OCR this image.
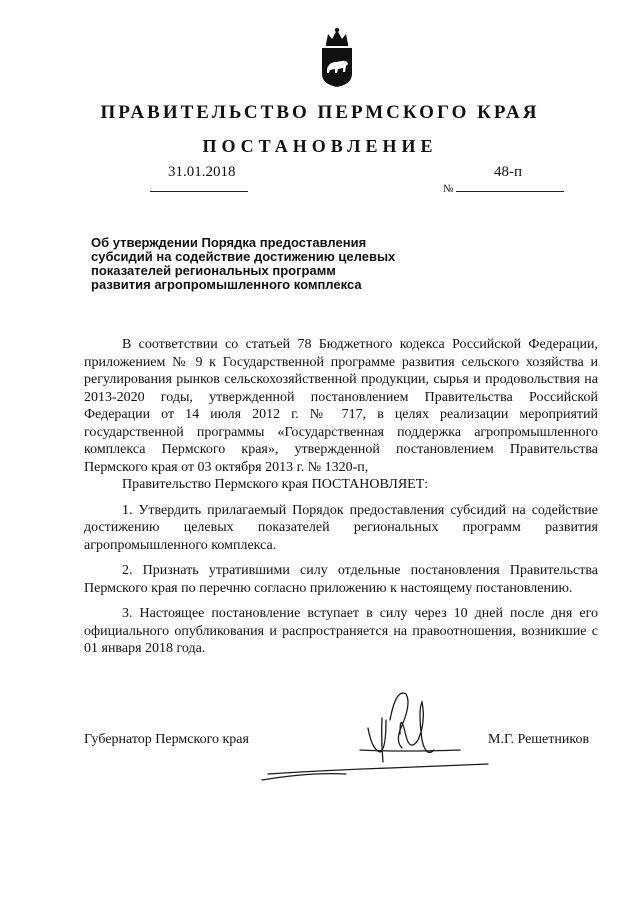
ПРАВИТЕЛЬСТВО ПЕРМСКОГО КРАЯ
ПОСТАНОВЛЕНИЕ
31.01.2018	48-п
№
Об утверждении Порядка предоставления
субсидий на содействие достижению целевых
показателей региональных программ
развития агропромышленного комплекса

В соответствии со статьей 78 Бюджетного кодекса Российской Федерации, приложением № 9 к Государственной программе развития сельского хозяйства и регулирования рынков сельскохозяйственной продукции, сырья и продовольствия на 2013-2020 годы, утвержденной постановлением Правительства Российской Федерации от 14 июля 2012 г. № 717, в целях реализации мероприятий государственной программы «Государственная поддержка агропромышленного комплекса Пермского края», утвержденной постановлением Правительства Пермского края от 03 октября 2013 г. № 1320-п,

Правительство Пермского края ПОСТАНОВЛЯЕТ:

1. Утвердить прилагаемый Порядок предоставления субсидий на содействие достижению целевых показателей региональных программ развития агропромышленного комплекса.

2. Признать утратившими силу отдельные постановления Правительства Пермского края по перечню согласно приложению к настоящему постановлению.

3. Настоящее постановление вступает в силу через 10 дней после дня его официального опубликования и распространяется на правоотношения, возникшие с 01 января 2018 года.

Губернатор Пермского края	М.Г. Решетников
